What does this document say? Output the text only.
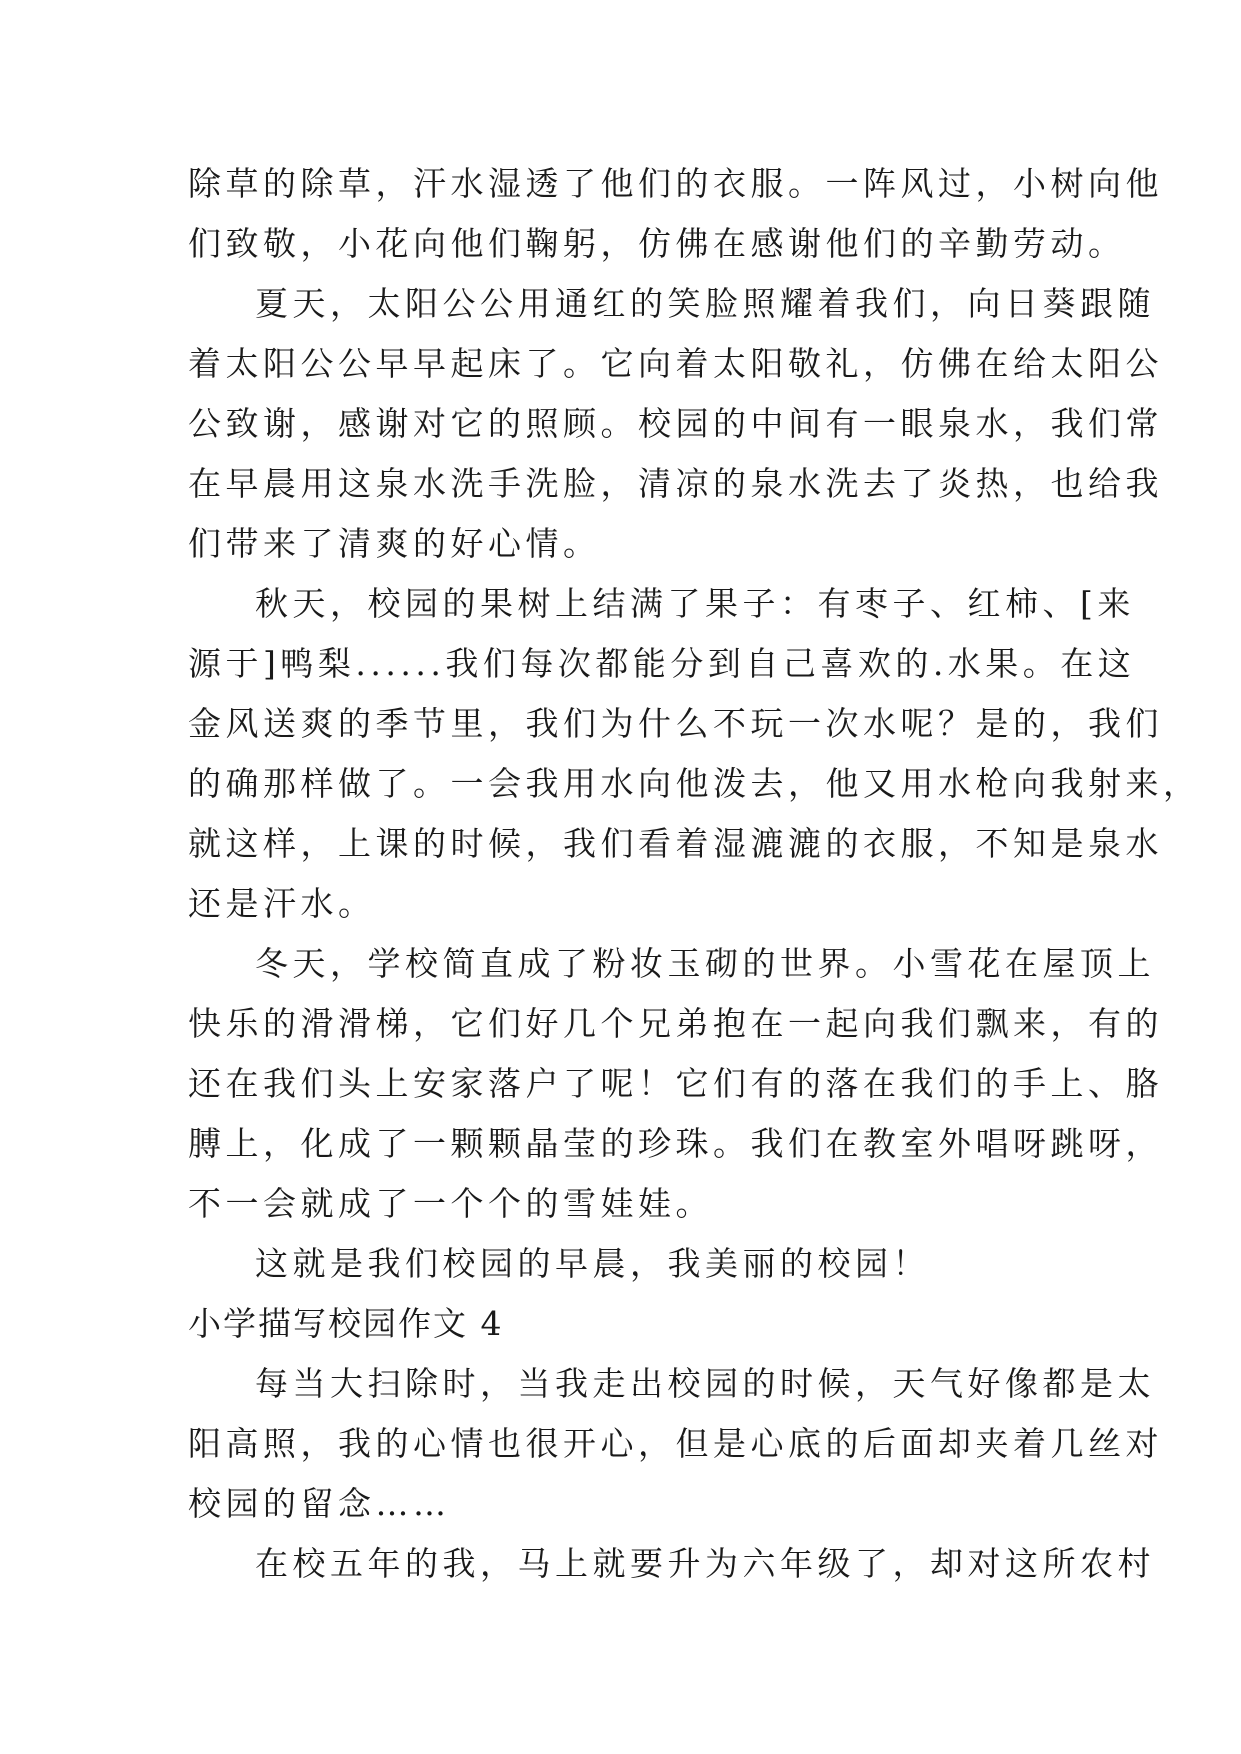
除草的除草，汗水湿透了他们的衣服。一阵风过，小树向他
们致敬，小花向他们鞠躬，仿佛在感谢他们的辛勤劳动。
夏天，太阳公公用通红的笑脸照耀着我们，向日葵跟随
着太阳公公早早起床了。它向着太阳敬礼，仿佛在给太阳公
公致谢，感谢对它的照顾。校园的中间有一眼泉水，我们常
在早晨用这泉水洗手洗脸，清凉的泉水洗去了炎热，也给我
们带来了清爽的好心情。
秋天，校园的果树上结满了果子：有枣子、红柿、[来
源于]鸭梨......我们每次都能分到自己喜欢的.水果。在这
金风送爽的季节里，我们为什么不玩一次水呢？是的，我们
的确那样做了。一会我用水向他泼去，他又用水枪向我射来，
就这样，上课的时候，我们看着湿漉漉的衣服，不知是泉水
还是汗水。
冬天，学校简直成了粉妆玉砌的世界。小雪花在屋顶上
快乐的滑滑梯，它们好几个兄弟抱在一起向我们飘来，有的
还在我们头上安家落户了呢！它们有的落在我们的手上、胳
膊上，化成了一颗颗晶莹的珍珠。我们在教室外唱呀跳呀，
不一会就成了一个个的雪娃娃。
这就是我们校园的早晨，我美丽的校园！
小学描写校园作文 4
每当大扫除时，当我走出校园的时候，天气好像都是太
阳高照，我的心情也很开心，但是心底的后面却夹着几丝对
校园的留念……
在校五年的我，马上就要升为六年级了，却对这所农村
